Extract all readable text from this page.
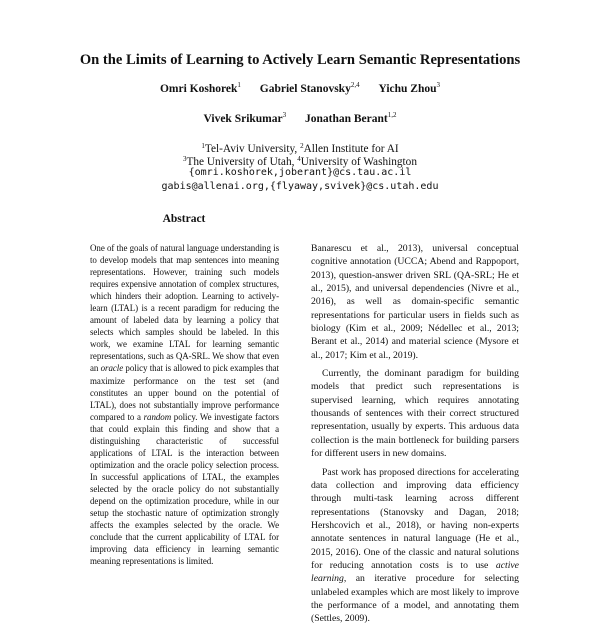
On the Limits of Learning to Actively Learn Semantic Representations
Omri Koshorek$^1$ Gabriel Stanovsky$^{2,4}$ Yichu Zhou$^3$
Vivek Srikumar$^3$ Jonathan Berant$^{1,2}$
$^1$Tel-Aviv University, $^2$Allen Institute for AI
$^3$The University of Utah, $^4$University of Washington
{omri.koshorek,joberant}@cs.tau.ac.il
gabis@allenai.org,{flyaway,svivek}@cs.utah.edu
Abstract

One of the goals of natural language understanding is to develop models that map sentences into meaning representations. However, training such models requires expensive annotation of complex structures, which hinders their adoption. Learning to actively-learn (LTAL) is a recent paradigm for reducing the amount of labeled data by learning a policy that selects which samples should be labeled. In this work, we examine LTAL for learning semantic representations, such as QA-SRL. We show that even an oracle policy that is allowed to pick examples that maximize performance on the test set (and constitutes an upper bound on the potential of LTAL), does not substantially improve performance compared to a random policy. We investigate factors that could explain this finding and show that a distinguishing characteristic of successful applications of LTAL is the interaction between optimization and the oracle policy selection process. In successful applications of LTAL, the examples selected by the oracle policy do not substantially depend on the optimization procedure, while in our setup the stochastic nature of optimization strongly affects the examples selected by the oracle. We conclude that the current applicability of LTAL for improving data efficiency in learning semantic meaning representations is limited.

Banarescu et al., 2013), universal conceptual cognitive annotation (UCCA; Abend and Rappoport, 2013), question-answer driven SRL (QA-SRL; He et al., 2015), and universal dependencies (Nivre et al., 2016), as well as domain-specific semantic representations for particular users in fields such as biology (Kim et al., 2009; Nédellec et al., 2013; Berant et al., 2014) and material science (Mysore et al., 2017; Kim et al., 2019).

Currently, the dominant paradigm for building models that predict such representations is supervised learning, which requires annotating thousands of sentences with their correct structured representation, usually by experts. This arduous data collection is the main bottleneck for building parsers for different users in new domains.

Past work has proposed directions for accelerating data collection and improving data efficiency through multi-task learning across different representations (Stanovsky and Dagan, 2018; Hershcovich et al., 2018), or having non-experts annotate sentences in natural language (He et al., 2015, 2016). One of the classic and natural solutions for reducing annotation costs is to use active learning, an iterative procedure for selecting unlabeled examples which are most likely to improve the performance of a model, and annotating them (Settles, 2009).
